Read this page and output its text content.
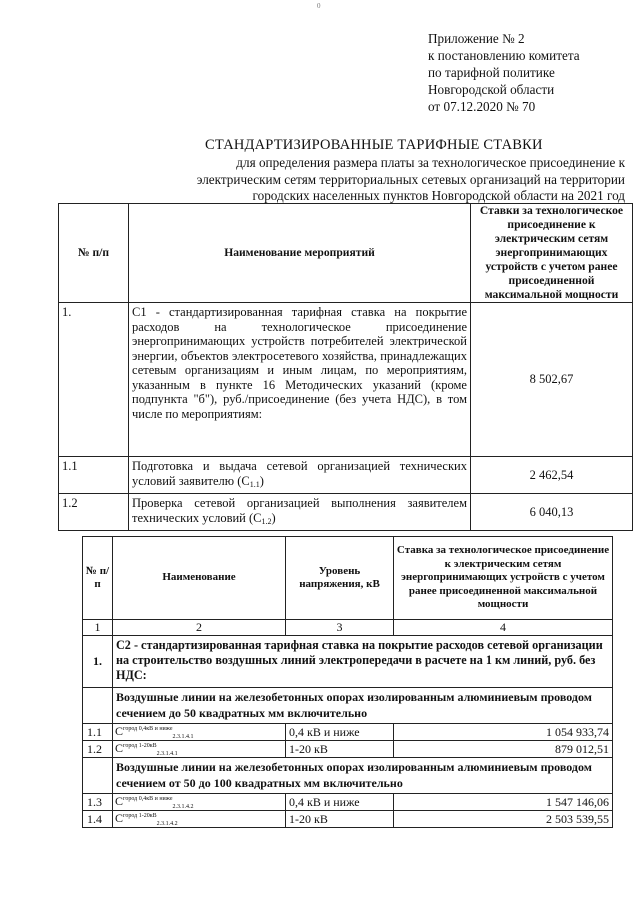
0
Приложение № 2
к постановлению комитета
по тарифной политике
Новгородской области
от 07.12.2020 № 70
СТАНДАРТИЗИРОВАННЫЕ ТАРИФНЫЕ СТАВКИ
для определения размера платы за технологическое присоединение к
электрическим сетям территориальных сетевых организаций на территории
городских населенных пунктов Новгородской области на 2021 год
№ п/п	Наименование мероприятий	Ставки за технологическое присоединение к электрическим сетям энергопринимающих устройств с учетом ранее присоединенной максимальной мощности
1.	С1 - стандартизированная тарифная ставка на покрытие расходов на технологическое присоединение энергопринимающих устройств потребителей электрической энергии, объектов электросетевого хозяйства, принадлежащих сетевым организациям и иным лицам, по мероприятиям, указанным в пункте 16 Методических указаний (кроме подпункта "б"), руб./присоединение (без учета НДС), в том числе по мероприятиям:	8 502,67
1.1	Подготовка и выдача сетевой организацией технических условий заявителю (С1.1)	2 462,54
1.2	Проверка сетевой организацией выполнения заявителем технических условий (С1.2)	6 040,13
№ п/п	Наименование	Уровень напряжения, кВ	Ставка за технологическое присоединение к электрическим сетям энергопринимающих устройств с учетом ранее присоединенной максимальной мощности
1	2	3	4
1.	С2 - стандартизированная тарифная ставка на покрытие расходов сетевой организации на строительство воздушных линий электропередачи в расчете на 1 км линий, руб. без НДС:		
	Воздушные линии на железобетонных опорах изолированным алюминиевым проводом сечением до 50 квадратных мм включительно		
1.1	$С^{город 0,4кВ и ниже}_{2.3.1.4.1}$	0,4 кВ и ниже	1 054 933,74
1.2	$С^{город 1-20кВ}_{2.3.1.4.1}$	1-20 кВ	879 012,51
	Воздушные линии на железобетонных опорах изолированным алюминиевым проводом сечением от 50 до 100 квадратных мм включительно		
1.3	$С^{город 0,4кВ и ниже}_{2.3.1.4.2}$	0,4 кВ и ниже	1 547 146,06
1.4	$С^{город 1-20кВ}_{2.3.1.4.2}$	1-20 кВ	2 503 539,55
